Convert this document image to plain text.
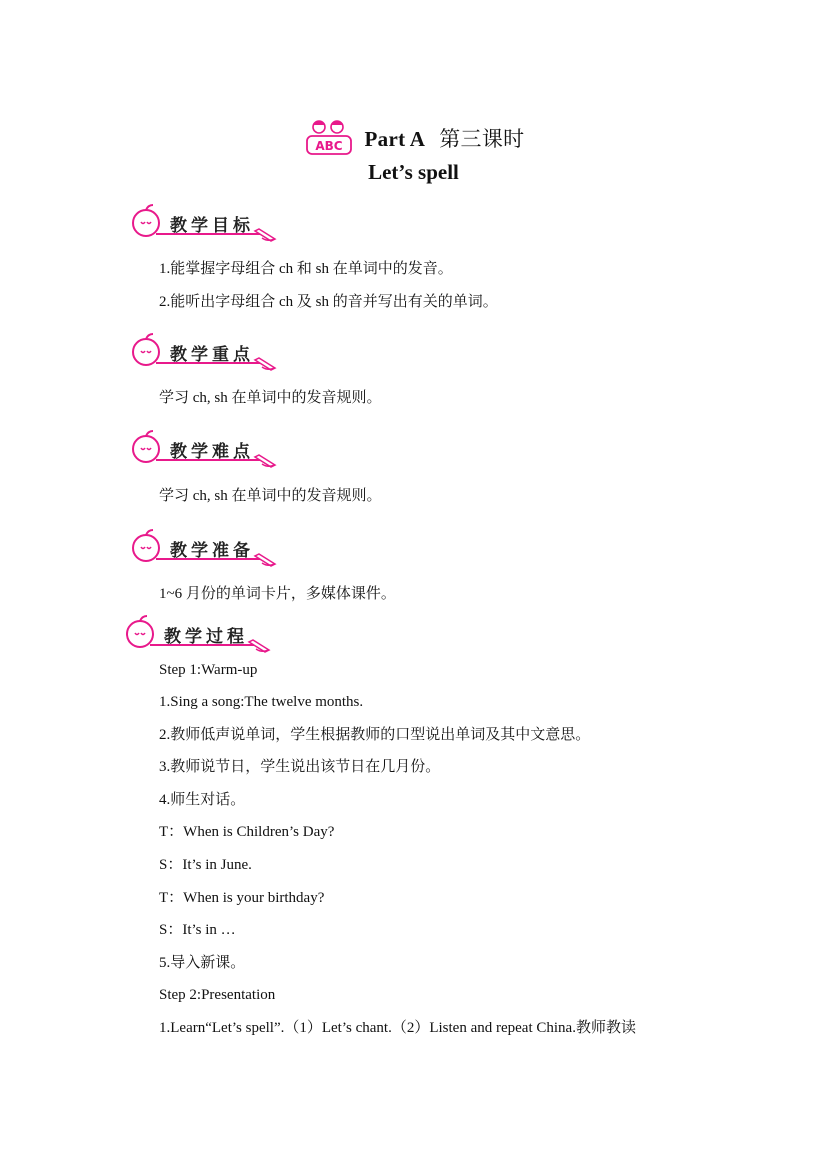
ABC Part A 第三课时
Let’s spell
教学目标
教学重点
教学难点
教学准备
教学过程
1.能掌握字母组合 ch 和 sh 在单词中的发音。
2.能听出字母组合 ch 及 sh 的音并写出有关的单词。
学习 ch, sh 在单词中的发音规则。
学习 ch, sh 在单词中的发音规则。
1~6 月份的单词卡片，多媒体课件。
Step 1:Warm-up
1.Sing a song:The twelve months.
2.教师低声说单词，学生根据教师的口型说出单词及其中文意思。
3.教师说节日，学生说出该节日在几月份。
4.师生对话。
T：When is Children’s Day?
S：It’s in June.
T：When is your birthday?
S：It’s in …
5.导入新课。
Step 2:Presentation
1.Learn“Let’s spell”.（1）Let’s chant.（2）Listen and repeat China.教师教读
